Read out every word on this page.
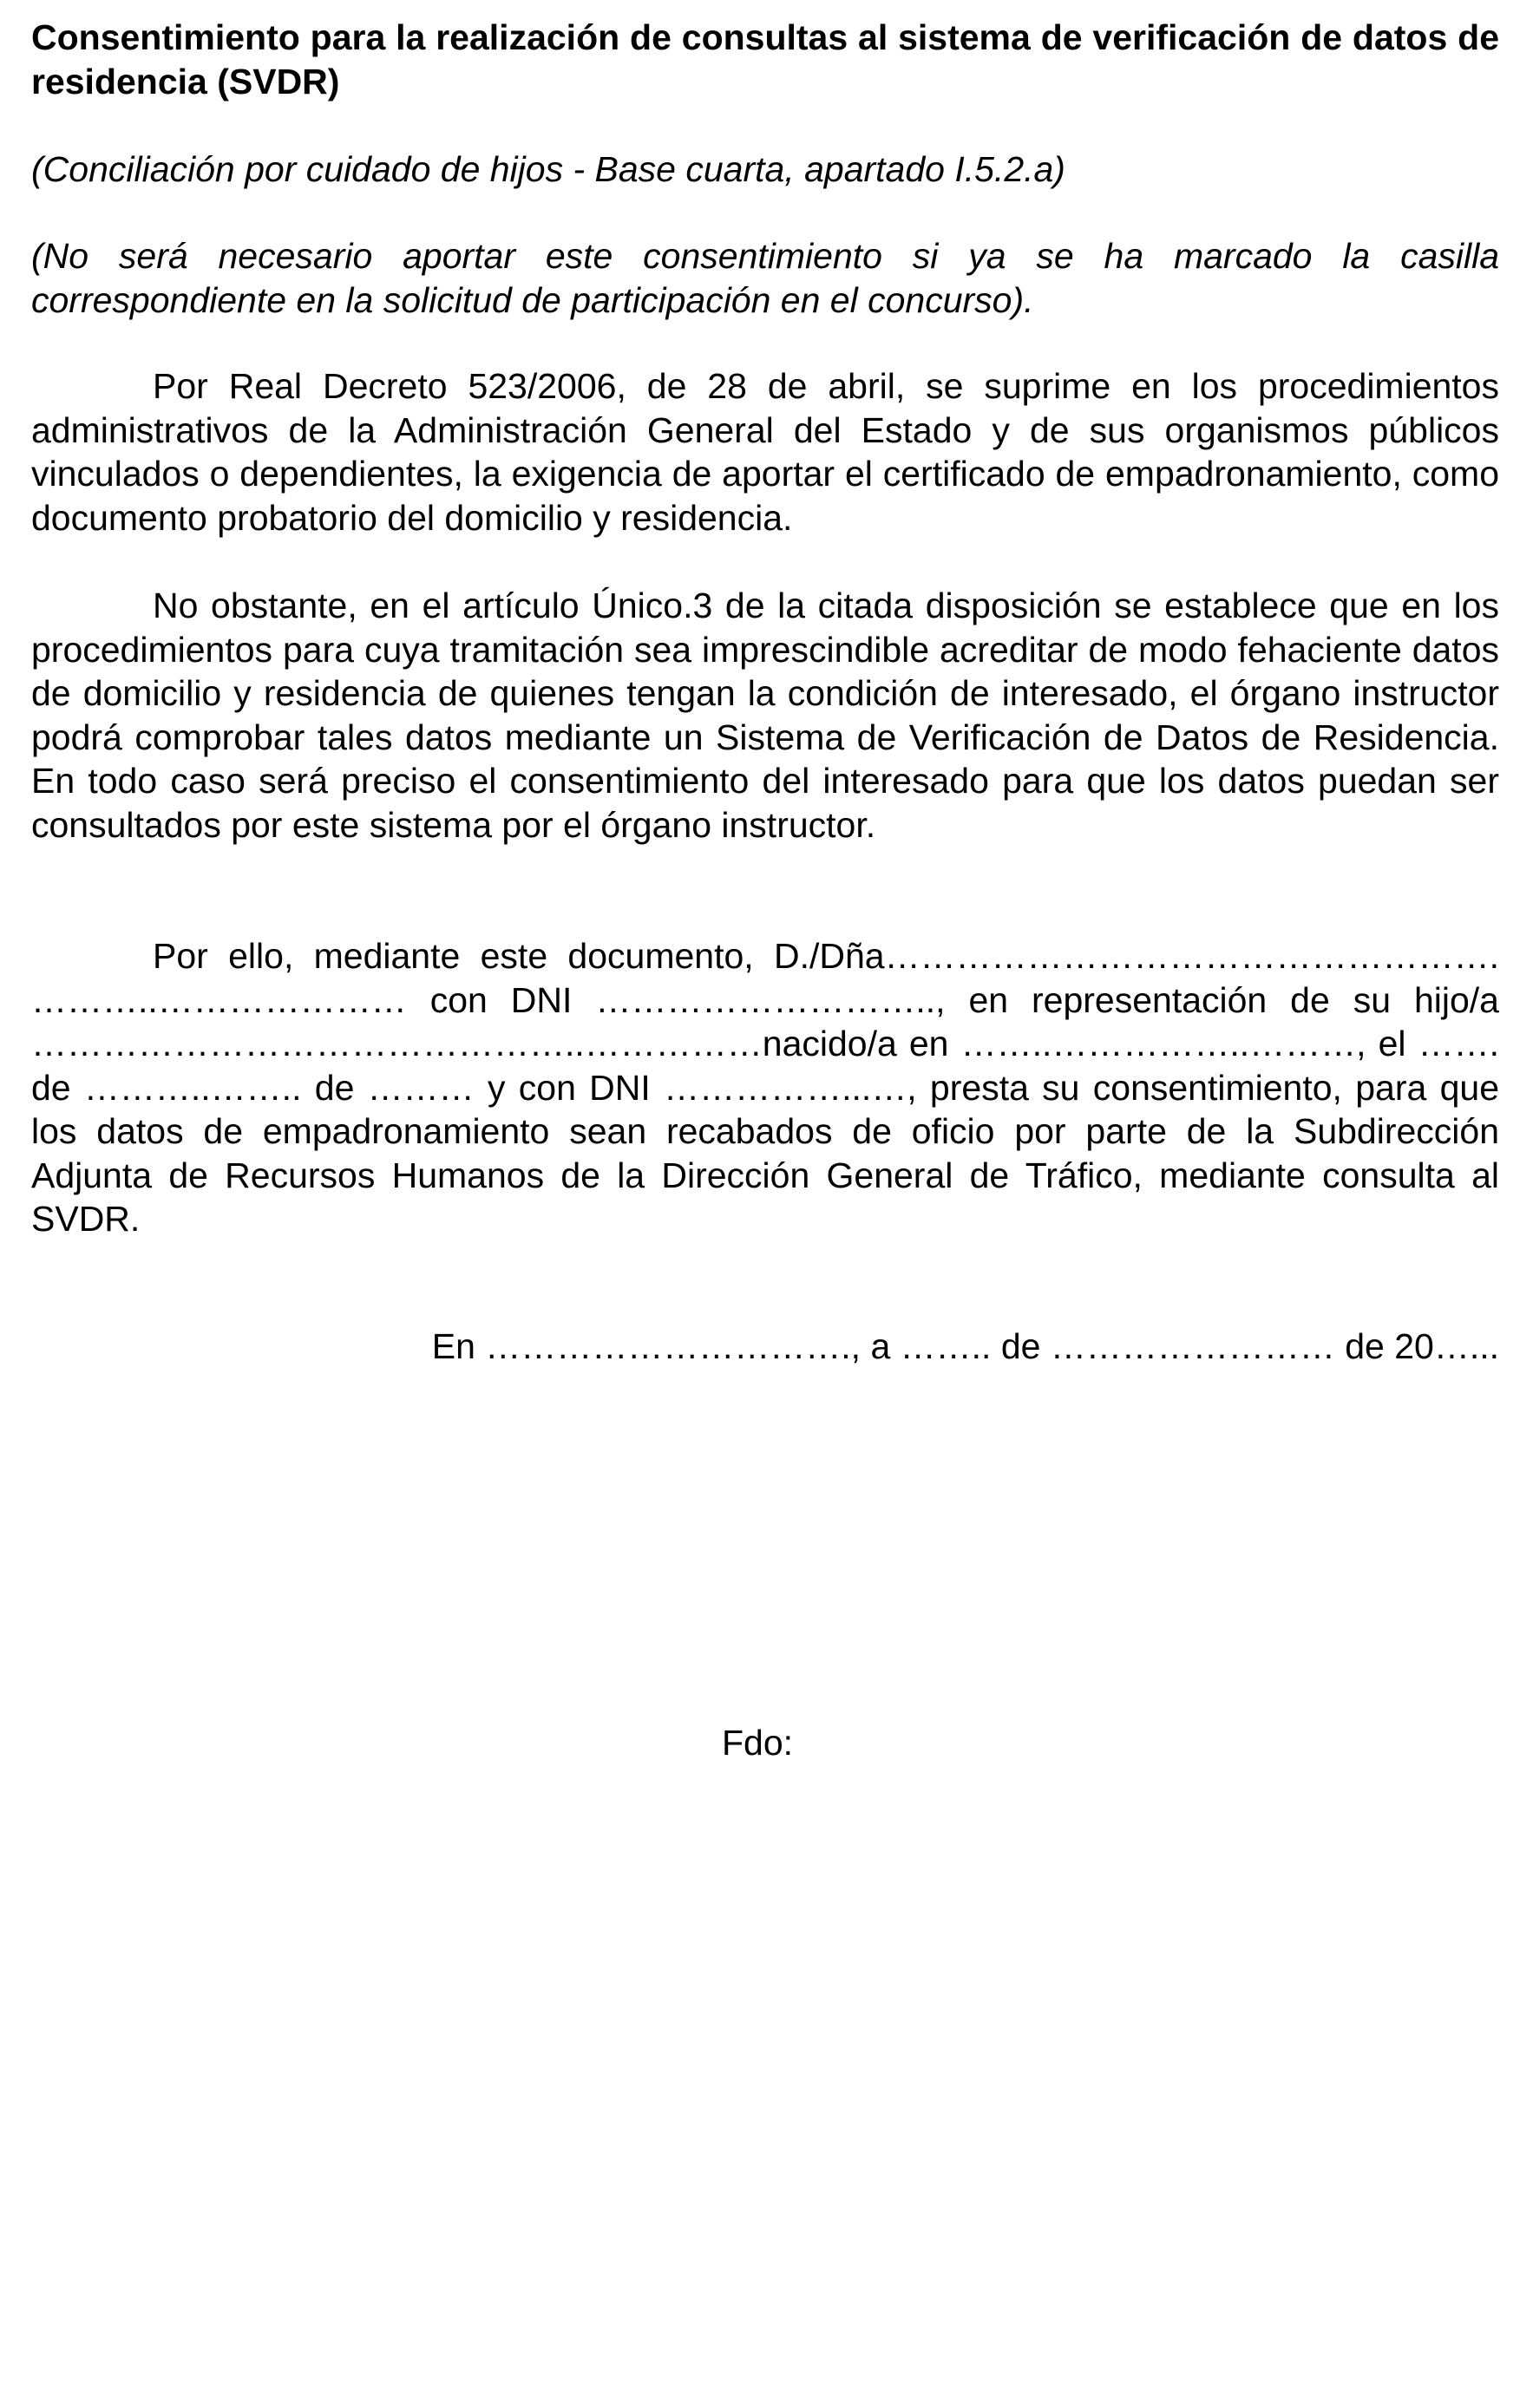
Consentimiento para la realización de consultas al sistema de verificación de datos de residencia (SVDR)

(Conciliación por cuidado de hijos - Base cuarta, apartado I.5.2.a)

(No será necesario aportar este consentimiento si ya se ha marcado la casilla correspondiente en la solicitud de participación en el concurso).

Por Real Decreto 523/2006, de 28 de abril, se suprime en los procedimientos administrativos de la Administración General del Estado y de sus organismos públicos vinculados o dependientes, la exigencia de aportar el certificado de empadronamiento, como documento probatorio del domicilio y residencia.

No obstante, en el artículo Único.3 de la citada disposición se establece que en los procedimientos para cuya tramitación sea imprescindible acreditar de modo fehaciente datos de domicilio y residencia de quienes tengan la condición de interesado, el órgano instructor podrá comprobar tales datos mediante un Sistema de Verificación de Datos de Residencia. En todo caso será preciso el consentimiento del interesado para que los datos puedan ser consultados por este sistema por el órgano instructor.

Por ello, mediante este documento, D./Dña……………………………………………. ………..………………… con DNI ……………………….., en representación de su hijo/a ………………………………………..……………nacido/a en ……..……………..………, el ……. de ………..…….. de ……… y con DNI ……………...…, presta su consentimiento, para que los datos de empadronamiento sean recabados de oficio por parte de la Subdirección Adjunta de Recursos Humanos de la Dirección General de Tráfico, mediante consulta al SVDR.

En …………………………., a …….. de …………………… de 20…...

Fdo:
